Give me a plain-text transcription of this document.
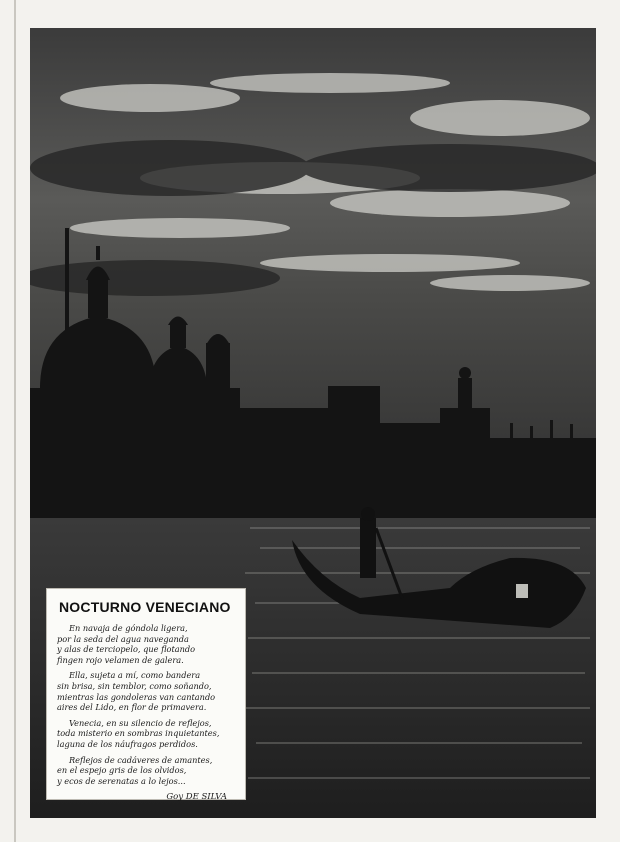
NOCTURNO VENECIANO
En navaja de góndola ligera,
por la seda del agua naveganda
y alas de terciopelo, que flotando
fingen rojo velamen de galera.
Ella, sujeta a mí, como bandera
sin brisa, sin temblor, como soñando,
mientras las gondoleras van cantando
aires del Lido, en flor de primavera.
Venecia, en su silencio de reflejos,
toda misterio en sombras inquietantes,
laguna de los náufragos perdidos.
Reflejos de cadáveres de amantes,
en el espejo gris de los olvidos,
y ecos de serenatas a lo lejos...
Goy DE SILVA
